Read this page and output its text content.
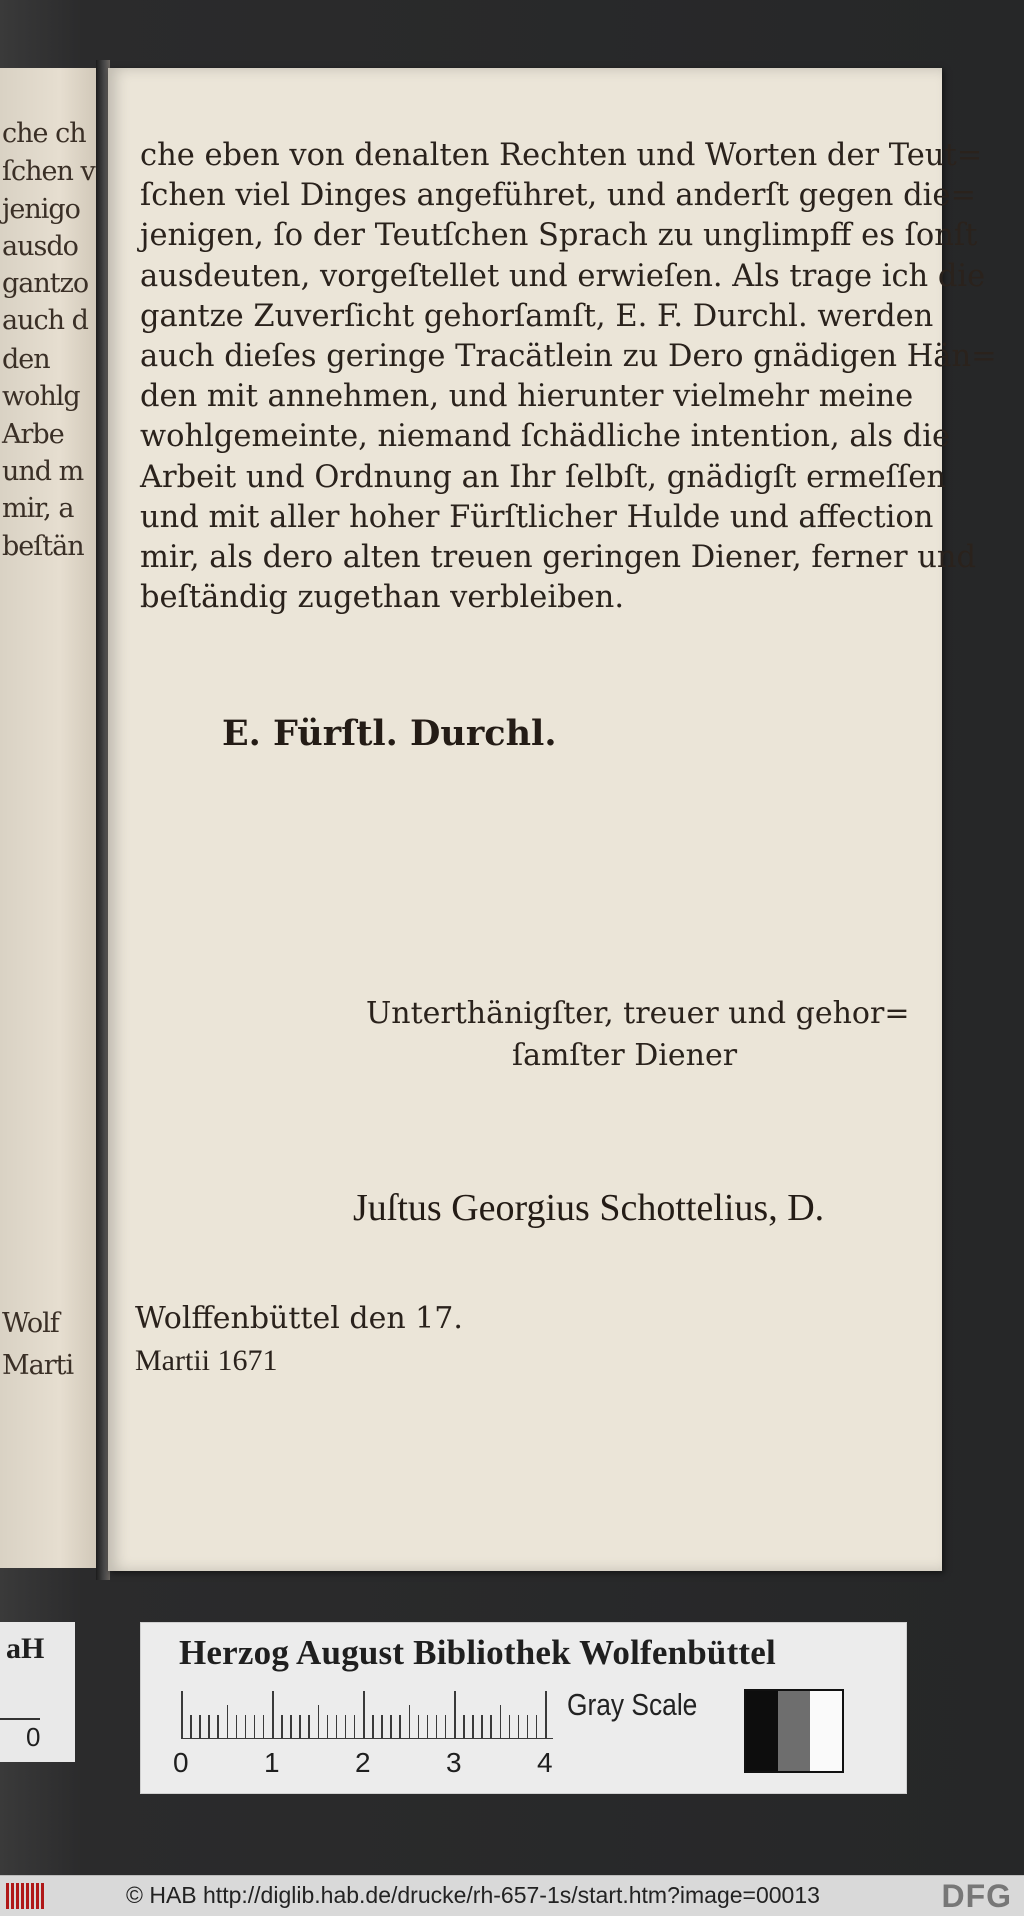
che ch
ſchen v
jenigo
ausdo
gantzo
auch d
den
wohlg
Arbe
und m
mir, a
beſtän
Wolf
Marti
che eben von denalten Rechten und Worten der Teut=
ſchen viel Dinges angeführet, und anderſt gegen die=
jenigen, ſo der Teutſchen Sprach zu unglimpff es ſonſt
ausdeuten, vorgeſtellet und erwieſen. Als trage ich die
gantze Zuverſicht gehorſamſt, E. F. Durchl. werden
auch dieſes geringe Tracätlein zu Dero gnädigen Hän=
den mit annehmen, und hierunter vielmehr meine
wohlgemeinte, niemand ſchädliche intention, als die
Arbeit und Ordnung an Ihr ſelbſt, gnädigſt ermeſſen
und mit aller hoher Fürſtlicher Hulde und affection
mir, als dero alten treuen geringen Diener, ferner und
beſtändig zugethan verbleiben.
E. Fürſtl. Durchl.
Unterthänigſter, treuer und gehor=
ſamſter Diener
Juſtus Georgius Schottelius, D.
Wolffenbüttel den 17.
Martii 1671
aH
0
Herzog August Bibliothek Wolfenbüttel
0	1	2	3	4
Gray Scale
© HAB http://diglib.hab.de/drucke/rh-657-1s/start.htm?image=00013	DFG
